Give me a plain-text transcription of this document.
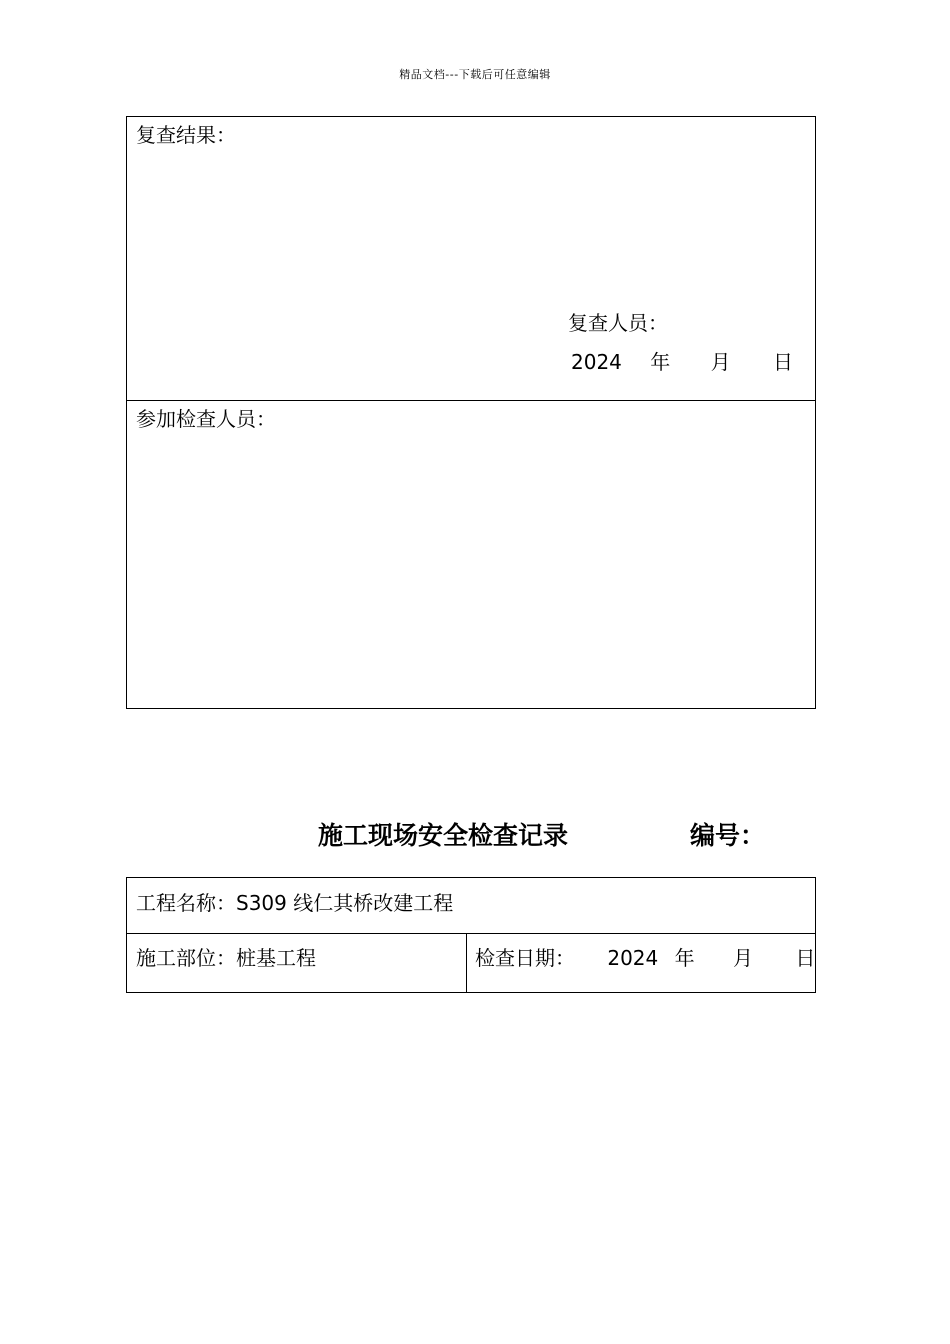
精品文档---下载后可任意编辑
复查结果：
复查人员：
2024 年 月 日
参加检查人员：
施工现场安全检查记录	编号：
工程名称：S309 线仁其桥改建工程
施工部位：桩基工程	检查日期： 2024 年 月 日
